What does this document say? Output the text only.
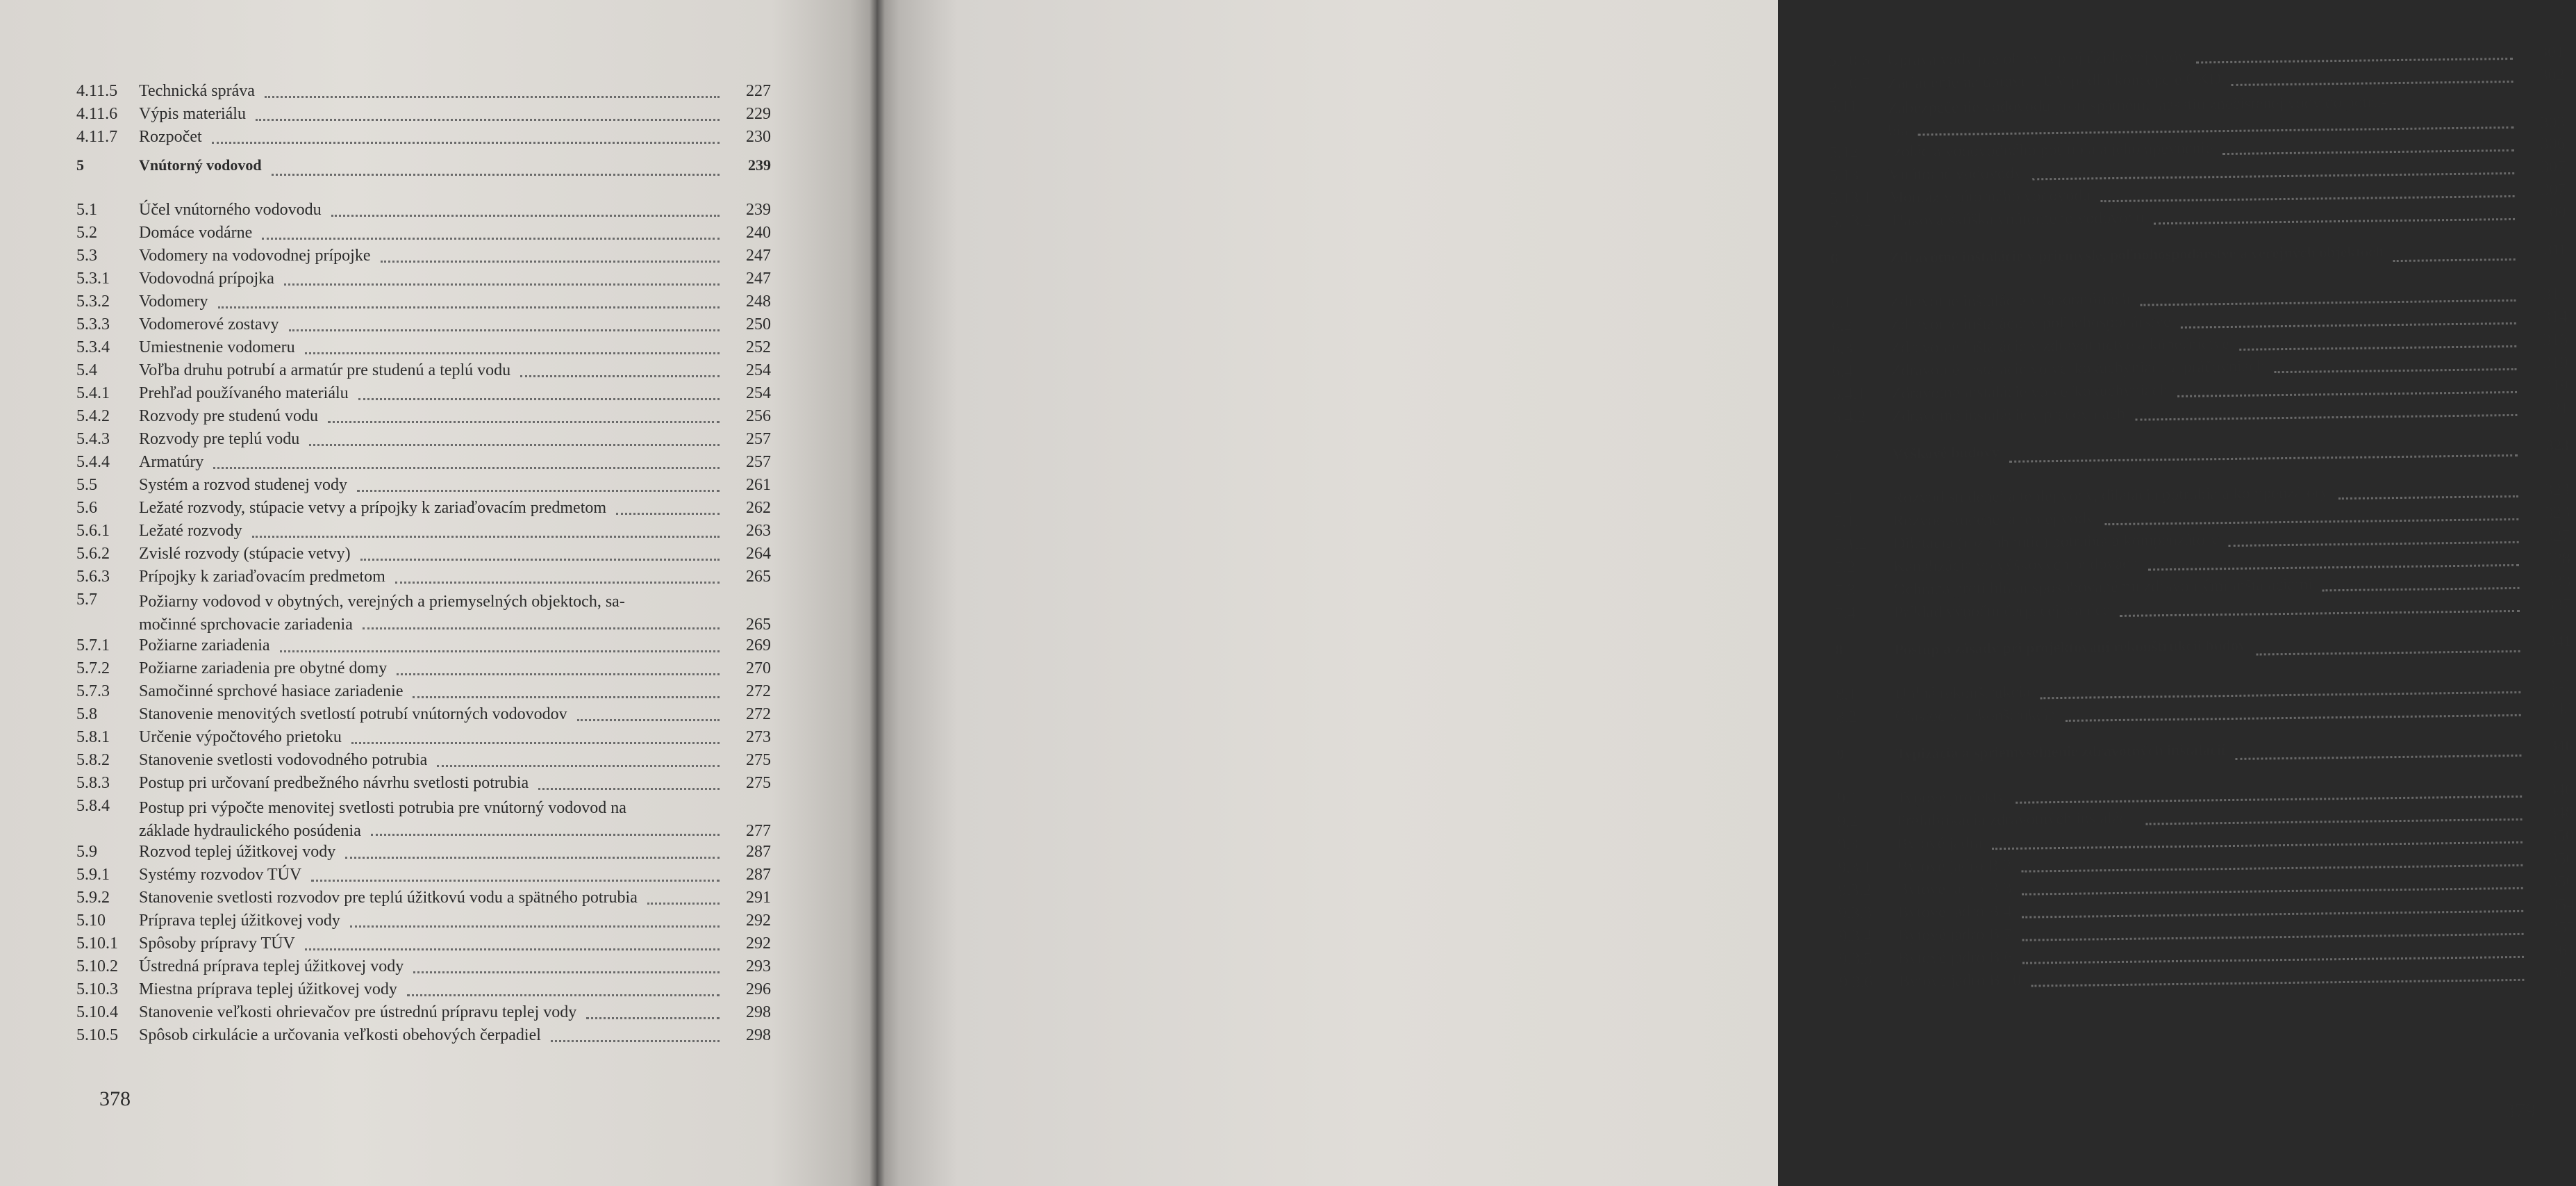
4.11.5	Technická správa	227
4.11.6	Výpis materiálu	229
4.11.7	Rozpočet	230
5	Vnútorný vodovod	239
5.1	Účel vnútorného vodovodu	239
5.2	Domáce vodárne	240
5.3	Vodomery na vodovodnej prípojke	247
5.3.1	Vodovodná prípojka	247
5.3.2	Vodomery	248
5.3.3	Vodomerové zostavy	250
5.3.4	Umiestnenie vodomeru	252
5.4	Voľba druhu potrubí a armatúr pre studenú a teplú vodu	254
5.4.1	Prehľad používaného materiálu	254
5.4.2	Rozvody pre studenú vodu	256
5.4.3	Rozvody pre teplú vodu	257
5.4.4	Armatúry	257
5.5	Systém a rozvod studenej vody	261
5.6	Ležaté rozvody, stúpacie vetvy a prípojky k zariaďovacím predmetom	262
5.6.1	Ležaté rozvody	263
5.6.2	Zvislé rozvody (stúpacie vetvy)	264
5.6.3	Prípojky k zariaďovacím predmetom	265
5.7	Požiarny vodovod v obytných, verejných a priemyselných objektoch, sa-
močinné sprchovacie zariadenia	265
5.7.1	Požiarne zariadenia	269
5.7.2	Požiarne zariadenia pre obytné domy	270
5.7.3	Samočinné sprchové hasiace zariadenie	272
5.8	Stanovenie menovitých svetlostí potrubí vnútorných vodovodov	272
5.8.1	Určenie výpočtového prietoku	273
5.8.2	Stanovenie svetlosti vodovodného potrubia	275
5.8.3	Postup pri určovaní predbežného návrhu svetlosti potrubia	275
5.8.4	Postup pri výpočte menovitej svetlosti potrubia pre vnútorný vodovod na
základe hydraulického posúdenia	277
5.9	Rozvod teplej úžitkovej vody	287
5.9.1	Systémy rozvodov TÚV	287
5.9.2	Stanovenie svetlosti rozvodov pre teplú úžitkovú vodu a spätného potrubia	291
5.10	Príprava teplej úžitkovej vody	292
5.10.1	Spôsoby prípravy TÚV	292
5.10.2	Ústredná príprava teplej úžitkovej vody	293
5.10.3	Miestna príprava teplej úžitkovej vody	296
5.10.4	Stanovenie veľkosti ohrievačov pre ústrednú prípravu teplej vody	298
5.10.5	Spôsob cirkulácie a určovania veľkosti obehových čerpadiel	298
378
5.10.6	Úprava vody pre ohrev teplej úžitkovej vody	301
5.10.7	Zariadenie na úpravu TÚV podľa koncepcie ČKD	302
5.11	Zabezpečenie vodovodu proti spätnému nasatiu znečistenej vody do potru-
bia	303
5.12	Izolácia vodovodného potrubia a jeho upevnenie	306
5.13	Vnútorné vodovody	307
5.13.1	Montáž vnútorného vodovodu	307
5.13.2	Tlaková skúška vnútorného vodovodu	309
6	Zdravotné inštalácie v priemysle, poľnohospodárstve a verejných objektoch	311
6.1	Zdravotné inštalácie v laboratóriách	311
6.2	Zdravotné inštalácie v poľnohospodárstve	314
6.3	Zdravotné inštalácie v zdravotníctve a kúpeľníctve	316
6.4	Zdravotné inštalácie vo veľkokuchyniach a práčovniach	319
6.4.1	Zdravotné inštalácie vo veľkokuchyniach	319
6.4.2	Zdravotné inštalácie v práčovniach	321
7	Výškové budovy	323
7.1	Rozvod studenej a teplej vody, dilatácia potrubia a kompenzátory	323
7.1.1	Rozvod studenej a teplej vody	323
7.1.2	Dilatácia (roztiahnutie) potrubia a kompenzátory	327
7.2	Kanalizácia vo výškových budovách	328
7.3	Ochrana proti hluku spôsobovanému zdravotnými inštaláciami	333
7.4	Príklad výpočtu čerpacej stanice	337
8	Postup a zásady pri projektovaní rekonštrukcií budov	341
8.1	Úplná rekonštrukcia	341
8.2	Čiastočná rekonštrukcia	343
9	Typizácia a spriemyselnenie zdravotných inštalácií	346
9.1	Typové projekty	346
9.2	Prefabrikácia zdravotných inštalácií	348
9.3	Bytové jadrá	350
9.3.1	Bytové jadro B 2	350
9.3.2	Bytové jadro B 3	350
9.3.3	Bytové jadro B 4	354
9.3.4	Bytové jadro B 7	355
9.3.5	Bytové jadro B 6	361
9.3.6	Bytové jadro B 10	361
379
